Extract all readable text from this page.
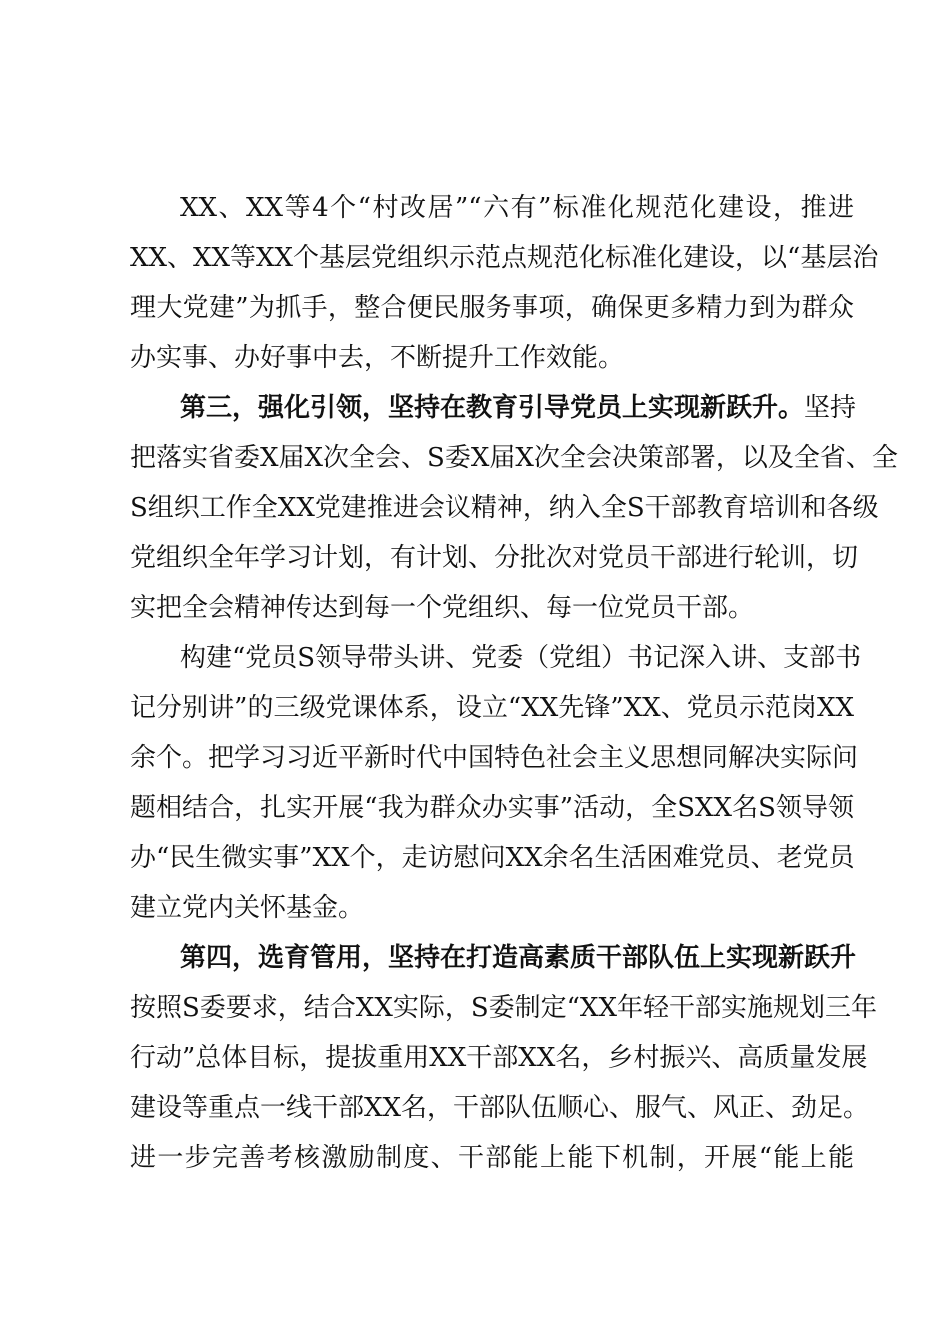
XX、XX等4个“村改居”“六有”标准化规范化建设，推进
XX、XX等XX个基层党组织示范点规范化标准化建设，以“基层治
理大党建”为抓手，整合便民服务事项，确保更多精力到为群众
办实事、办好事中去，不断提升工作效能。
第三，强化引领，坚持在教育引导党员上实现新跃升。坚持
把落实省委X届X次全会、S委X届X次全会决策部署，以及全省、全
S组织工作全XX党建推进会议精神，纳入全S干部教育培训和各级
党组织全年学习计划，有计划、分批次对党员干部进行轮训，切
实把全会精神传达到每一个党组织、每一位党员干部。
构建“党员S领导带头讲、党委（党组）书记深入讲、支部书
记分别讲”的三级党课体系，设立“XX先锋”XX、党员示范岗XX
余个。把学习习近平新时代中国特色社会主义思想同解决实际问
题相结合，扎实开展“我为群众办实事”活动，全SXX名S领导领
办“民生微实事”XX个，走访慰问XX余名生活困难党员、老党员
建立党内关怀基金。
第四，选育管用，坚持在打造高素质干部队伍上实现新跃升
按照S委要求，结合XX实际，S委制定“XX年轻干部实施规划三年
行动”总体目标，提拔重用XX干部XX名，乡村振兴、高质量发展
建设等重点一线干部XX名，干部队伍顺心、服气、风正、劲足。
进一步完善考核激励制度、干部能上能下机制，开展“能上能
